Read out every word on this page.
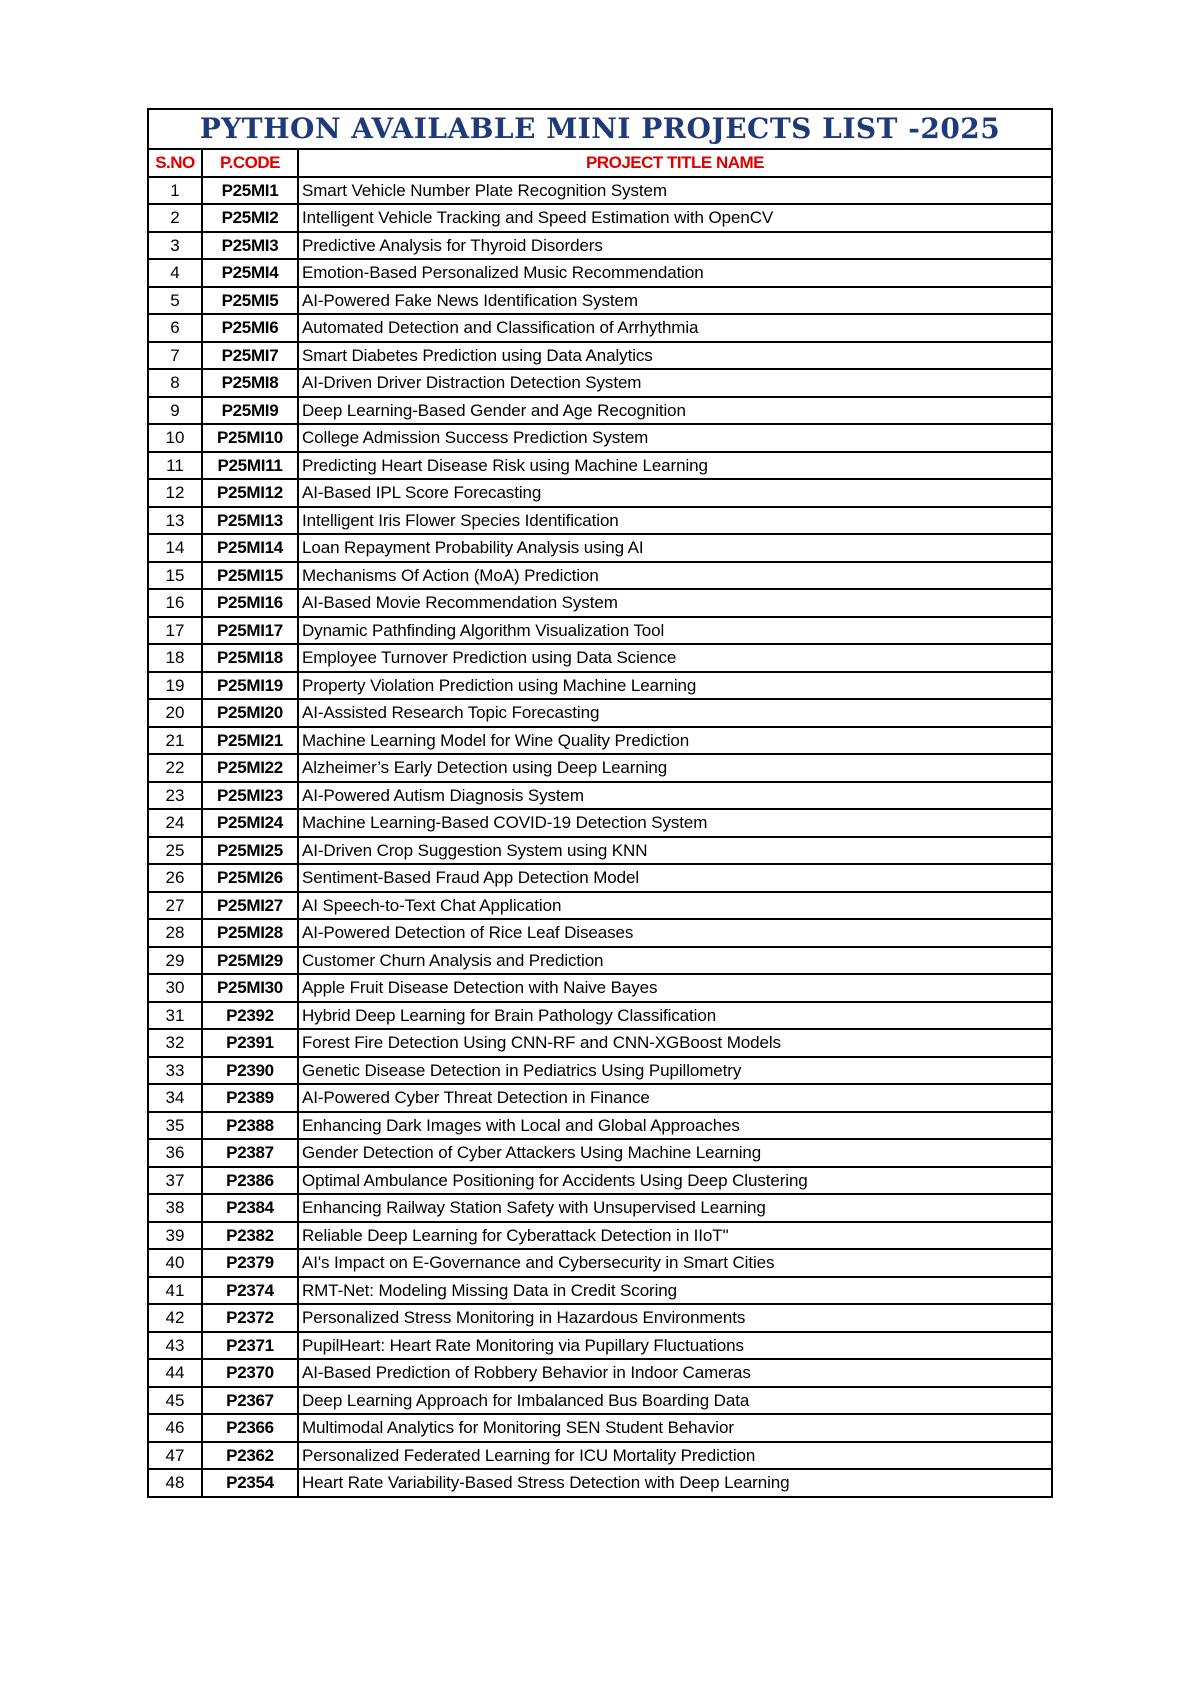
PYTHON AVAILABLE MINI PROJECTS LIST -2025		
S.NO	P.CODE	PROJECT TITLE NAME
1	P25MI1	Smart Vehicle Number Plate Recognition System
2	P25MI2	Intelligent Vehicle Tracking and Speed Estimation with OpenCV
3	P25MI3	Predictive Analysis for Thyroid Disorders
4	P25MI4	Emotion-Based Personalized Music Recommendation
5	P25MI5	AI-Powered Fake News Identification System
6	P25MI6	Automated Detection and Classification of Arrhythmia
7	P25MI7	Smart Diabetes Prediction using Data Analytics
8	P25MI8	AI-Driven Driver Distraction Detection System
9	P25MI9	Deep Learning-Based Gender and Age Recognition
10	P25MI10	College Admission Success Prediction System
11	P25MI11	Predicting Heart Disease Risk using Machine Learning
12	P25MI12	AI-Based IPL Score Forecasting
13	P25MI13	Intelligent Iris Flower Species Identification
14	P25MI14	Loan Repayment Probability Analysis using AI
15	P25MI15	Mechanisms Of Action (MoA) Prediction
16	P25MI16	AI-Based Movie Recommendation System
17	P25MI17	Dynamic Pathfinding Algorithm Visualization Tool
18	P25MI18	Employee Turnover Prediction using Data Science
19	P25MI19	Property Violation Prediction using Machine Learning
20	P25MI20	AI-Assisted Research Topic Forecasting
21	P25MI21	Machine Learning Model for Wine Quality Prediction
22	P25MI22	Alzheimer’s Early Detection using Deep Learning
23	P25MI23	AI-Powered Autism Diagnosis System
24	P25MI24	Machine Learning-Based COVID-19 Detection System
25	P25MI25	AI-Driven Crop Suggestion System using KNN
26	P25MI26	Sentiment-Based Fraud App Detection Model
27	P25MI27	AI Speech-to-Text Chat Application
28	P25MI28	AI-Powered Detection of Rice Leaf Diseases
29	P25MI29	Customer Churn Analysis and Prediction
30	P25MI30	Apple Fruit Disease Detection with Naive Bayes
31	P2392	Hybrid Deep Learning for Brain Pathology Classification
32	P2391	Forest Fire Detection Using CNN-RF and CNN-XGBoost Models
33	P2390	Genetic Disease Detection in Pediatrics Using Pupillometry
34	P2389	AI-Powered Cyber Threat Detection in Finance
35	P2388	Enhancing Dark Images with Local and Global Approaches
36	P2387	Gender Detection of Cyber Attackers Using Machine Learning
37	P2386	Optimal Ambulance Positioning for Accidents Using Deep Clustering
38	P2384	Enhancing Railway Station Safety with Unsupervised Learning
39	P2382	Reliable Deep Learning for Cyberattack Detection in IIoT"
40	P2379	AI's Impact on E-Governance and Cybersecurity in Smart Cities
41	P2374	RMT-Net: Modeling Missing Data in Credit Scoring
42	P2372	Personalized Stress Monitoring in Hazardous Environments
43	P2371	PupilHeart: Heart Rate Monitoring via Pupillary Fluctuations
44	P2370	AI-Based Prediction of Robbery Behavior in Indoor Cameras
45	P2367	Deep Learning Approach for Imbalanced Bus Boarding Data
46	P2366	Multimodal Analytics for Monitoring SEN Student Behavior
47	P2362	Personalized Federated Learning for ICU Mortality Prediction
48	P2354	Heart Rate Variability-Based Stress Detection with Deep Learning
